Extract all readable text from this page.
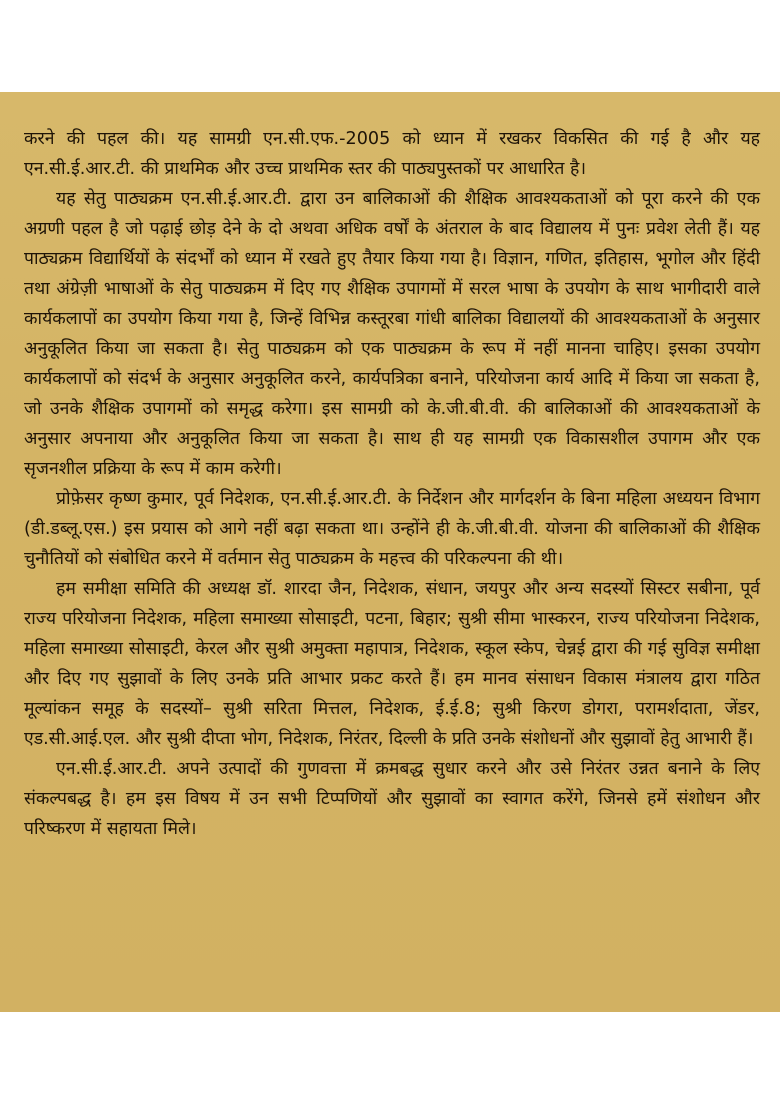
करने की पहल की। यह सामग्री एन.सी.एफ.-2005 को ध्यान में रखकर विकसित की गई है और यह एन.सी.ई.आर.टी. की प्राथमिक और उच्च प्राथमिक स्तर की पाठ्यपुस्तकों पर आधारित है।

यह सेतु पाठ्यक्रम एन.सी.ई.आर.टी. द्वारा उन बालिकाओं की शैक्षिक आवश्यकताओं को पूरा करने की एक अग्रणी पहल है जो पढ़ाई छोड़ देने के दो अथवा अधिक वर्षों के अंतराल के बाद विद्यालय में पुनः प्रवेश लेती हैं। यह पाठ्यक्रम विद्यार्थियों के संदर्भों को ध्यान में रखते हुए तैयार किया गया है। विज्ञान, गणित, इतिहास, भूगोल और हिंदी तथा अंग्रेज़ी भाषाओं के सेतु पाठ्यक्रम में दिए गए शैक्षिक उपागमों में सरल भाषा के उपयोग के साथ भागीदारी वाले कार्यकलापों का उपयोग किया गया है, जिन्हें विभिन्न कस्तूरबा गांधी बालिका विद्यालयों की आवश्यकताओं के अनुसार अनुकूलित किया जा सकता है। सेतु पाठ्यक्रम को एक पाठ्यक्रम के रूप में नहीं मानना चाहिए। इसका उपयोग कार्यकलापों को संदर्भ के अनुसार अनुकूलित करने, कार्यपत्रिका बनाने, परियोजना कार्य आदि में किया जा सकता है, जो उनके शैक्षिक उपागमों को समृद्ध करेगा। इस सामग्री को के.जी.बी.वी. की बालिकाओं की आवश्यकताओं के अनुसार अपनाया और अनुकूलित किया जा सकता है। साथ ही यह सामग्री एक विकासशील उपागम और एक सृजनशील प्रक्रिया के रूप में काम करेगी।

प्रोफ़ेसर कृष्ण कुमार, पूर्व निदेशक, एन.सी.ई.आर.टी. के निर्देशन और मार्गदर्शन के बिना महिला अध्ययन विभाग (डी.डब्लू.एस.) इस प्रयास को आगे नहीं बढ़ा सकता था। उन्होंने ही के.जी.बी.वी. योजना की बालिकाओं की शैक्षिक चुनौतियों को संबोधित करने में वर्तमान सेतु पाठ्यक्रम के महत्त्व की परिकल्पना की थी।

हम समीक्षा समिति की अध्यक्ष डॉ. शारदा जैन, निदेशक, संधान, जयपुर और अन्य सदस्यों सिस्टर सबीना, पूर्व राज्य परियोजना निदेशक, महिला समाख्या सोसाइटी, पटना, बिहार; सुश्री सीमा भास्करन, राज्य परियोजना निदेशक, महिला समाख्या सोसाइटी, केरल और सुश्री अमुक्ता महापात्र, निदेशक, स्कूल स्केप, चेन्नई द्वारा की गई सुविज्ञ समीक्षा और दिए गए सुझावों के लिए उनके प्रति आभार प्रकट करते हैं। हम मानव संसाधन विकास मंत्रालय द्वारा गठित मूल्यांकन समूह के सदस्यों– सुश्री सरिता मित्तल, निदेशक, ई.ई.8; सुश्री किरण डोगरा, परामर्शदाता, जेंडर, एड.सी.आई.एल. और सुश्री दीप्ता भोग, निदेशक, निरंतर, दिल्ली के प्रति उनके संशोधनों और सुझावों हेतु आभारी हैं।

एन.सी.ई.आर.टी. अपने उत्पादों की गुणवत्ता में क्रमबद्ध सुधार करने और उसे निरंतर उन्नत बनाने के लिए संकल्पबद्ध है। हम इस विषय में उन सभी टिप्पणियों और सुझावों का स्वागत करेंगे, जिनसे हमें संशोधन और परिष्करण में सहायता मिले।
